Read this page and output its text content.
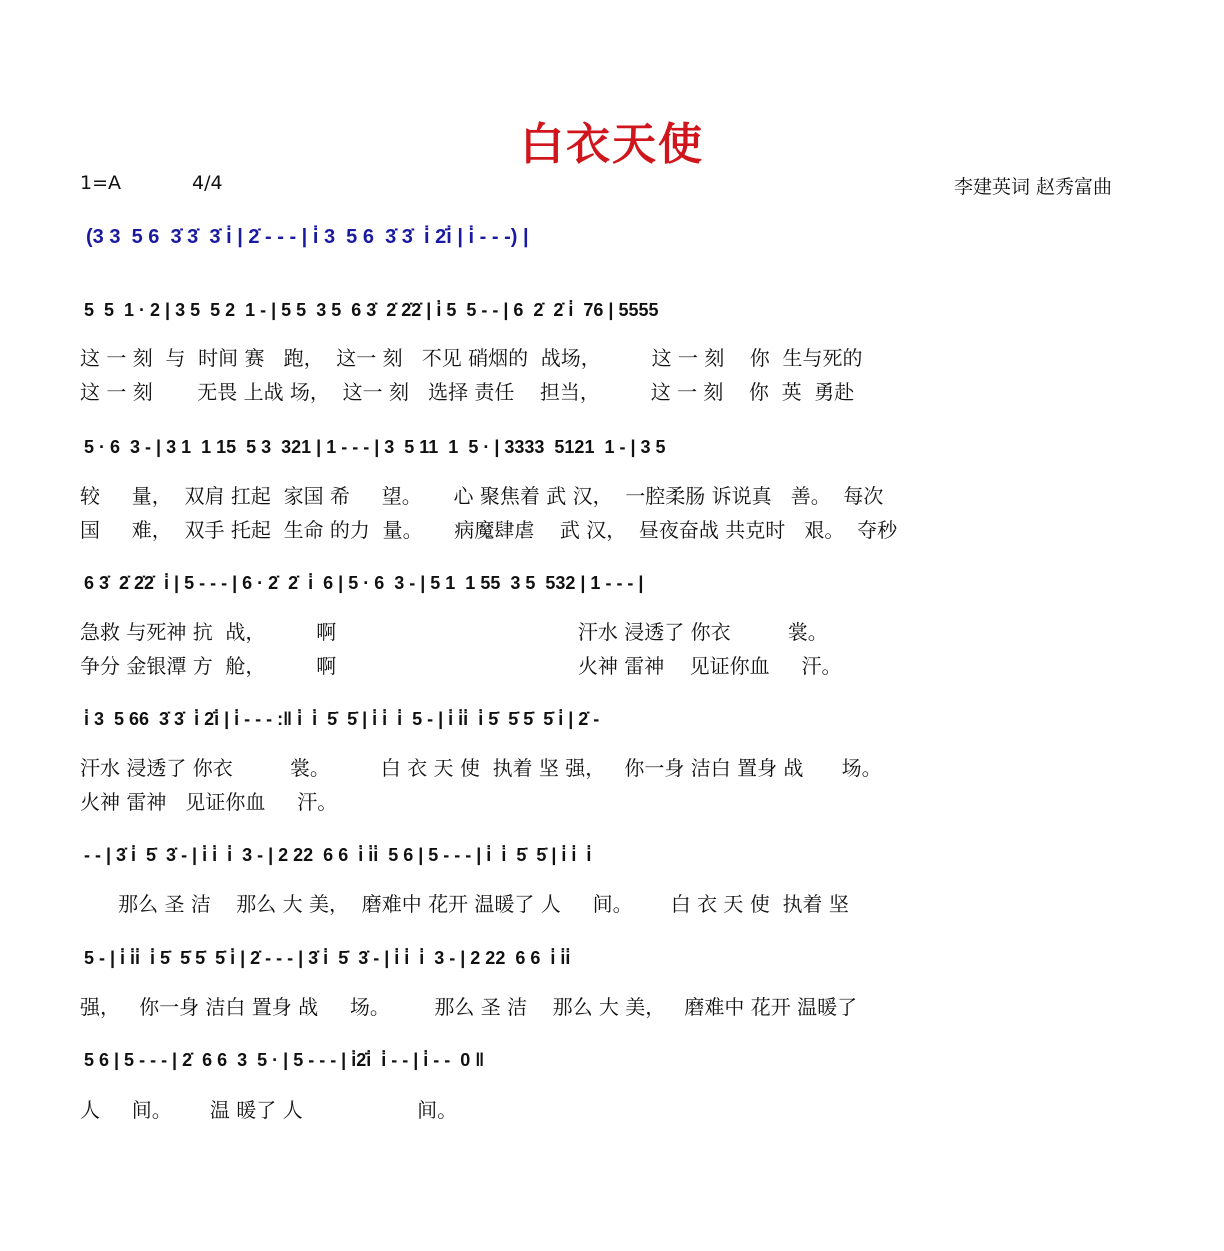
白衣天使
1=A	4/4	李建英词 赵秀富曲
(3 3  5 6  3̇ 3̇  3̇ i̇ | 2̇ - - - | i̇ 3  5 6  3̇ 3̇  i̇ 2̇i̇ | i̇ - - -) |
5  5  1 · 2 | 3 5  5 2  1 - | 5 5  3 5  6 3̇  2̇ 2̇2̇ | i̇ 5  5 - - | 6  2̇  2̇ i̇  76 | 5555
这 一 刻  与  时间 赛   跑，  这一 刻   不见 硝烟的  战场，        这 一 刻    你  生与死的
这 一 刻       无畏 上战 场，  这一 刻   选择 责任    担当，        这 一 刻    你  英  勇赴
5 · 6  3 - | 3 1  1 15  5 3  321 | 1 - - - | 3  5 11  1  5 · | 3333  5121  1 - | 3 5
较     量，  双肩 扛起  家国 希     望。     心 聚焦着 武 汉，  一腔柔肠 诉说真   善。  每次
国     难，  双手 托起  生命 的力  量。     病魔肆虐    武 汉，  昼夜奋战 共克时   艰。  夺秒
6 3̇  2̇ 2̇2̇  i̇ | 5 - - - | 6 · 2̇  2̇  i̇  6 | 5 · 6  3 - | 5 1  1 55  3 5  532 | 1 - - - |
急救 与死神 抗  战，        啊                                      汗水 浸透了 你衣         裳。
争分 金银潭 方  舱，        啊                                      火神 雷神    见证你血     汗。
i̇ 3  5 66  3̇ 3̇  i̇ 2̇i̇ | i̇ - - - :‖ i̇  i̇  5̇  5̇ | i̇ i̇  i̇  5 - | i̇ i̇i̇  i̇ 5̇  5̇ 5̇  5̇ i̇ | 2̇ -
汗水 浸透了 你衣         裳。        白 衣 天 使  执着 坚 强，   你一身 洁白 置身 战      场。
火神 雷神   见证你血     汗。
- - | 3̇ i̇  5̇  3̇ - | i̇ i̇  i̇  3 - | 2 22  6 6  i̇ i̇i̇  5 6 | 5 - - - | i̇  i̇  5̇  5̇ | i̇ i̇  i̇
那么 圣 洁    那么 大 美，  磨难中 花开 温暖了 人     间。      白 衣 天 使  执着 坚
5 - | i̇ i̇i̇  i̇ 5̇  5̇ 5̇  5̇ i̇ | 2̇ - - - | 3̇ i̇  5̇  3̇ - | i̇ i̇  i̇  3 - | 2 22  6 6  i̇ i̇i̇
强，   你一身 洁白 置身 战     场。       那么 圣 洁    那么 大 美，   磨难中 花开 温暖了
5 6 | 5 - - - | 2̇  6 6  3  5 · | 5 - - - | i̇2̇i̇  i̇ - - | i̇ - -  0 ‖
人     间。      温 暖了 人                  间。
